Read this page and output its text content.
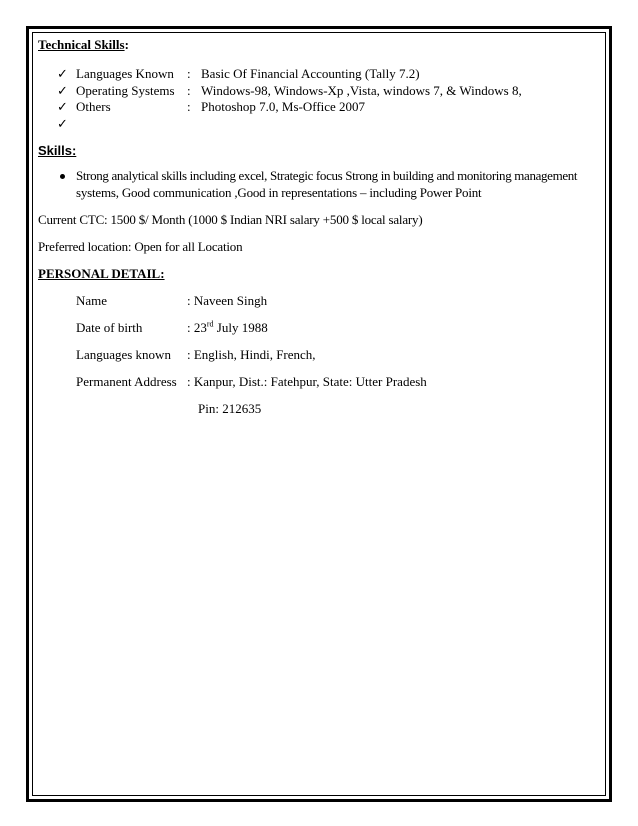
Technical Skills:
✓ Languages Known : Basic Of Financial Accounting (Tally 7.2)
✓ Operating Systems : Windows-98, Windows-Xp ,Vista, windows 7, & Windows 8,
✓ Others	: Photoshop 7.0, Ms-Office 2007
✓
Skills:
Strong analytical skills including excel, Strategic focus Strong in building and monitoring management
systems, Good communication ,Good in representations – including Power Point
Current CTC: 1500 $/ Month (1000 $ Indian NRI salary +500 $ local salary)
Preferred location: Open for all Location
PERSONAL DETAIL:
Name	: Naveen Singh
Date of birth	: 23rd July 1988
Languages known : English, Hindi, French,
Permanent Address : Kanpur, Dist.: Fatehpur, State: Utter Pradesh
Pin: 212635
